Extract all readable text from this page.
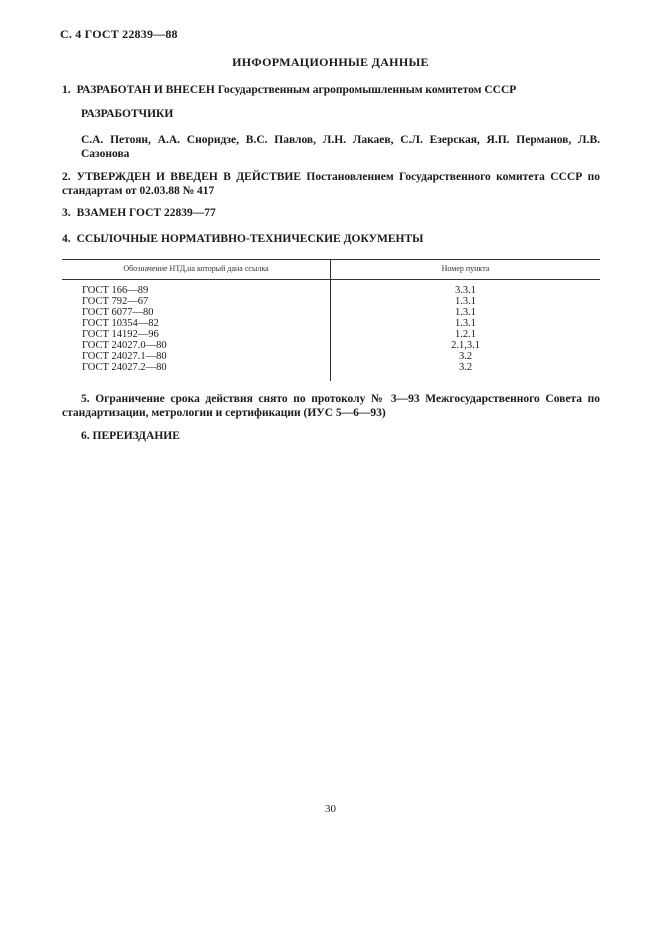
С. 4 ГОСТ 22839—88
ИНФОРМАЦИОННЫЕ ДАННЫЕ
1. РАЗРАБОТАН И ВНЕСЕН Государственным агропромышленным комитетом СССР
РАЗРАБОТЧИКИ
С.А. Петоян, А.А. Сноридзе, В.С. Павлов, Л.Н. Лакаев, С.Л. Езерская, Я.П. Перманов, Л.В. Сазонова
2. УТВЕРЖДЕН И ВВЕДЕН В ДЕЙСТВИЕ Постановлением Государственного комитета СССР по стандартам от 02.03.88 № 417
3. ВЗАМЕН ГОСТ 22839—77
4. ССЫЛОЧНЫЕ НОРМАТИВНО-ТЕХНИЧЕСКИЕ ДОКУМЕНТЫ
Обозначение НТД,на который дана ссылка	Номер пункта
ГОСТ 166—89	3.3.1
ГОСТ 792—67	1.3.1
ГОСТ 6077—80	1.3.1
ГОСТ 10354—82	1.3.1
ГОСТ 14192—96	1.2.1
ГОСТ 24027.0—80	2.1,3.1
ГОСТ 24027.1—80	3.2
ГОСТ 24027.2—80	3.2
5. Ограничение срока действия снято по протоколу № 3—93 Межгосударственного Совета по стандартизации, метрологии и сертификации (ИУС 5—6—93)
6. ПЕРЕИЗДАНИЕ
30
